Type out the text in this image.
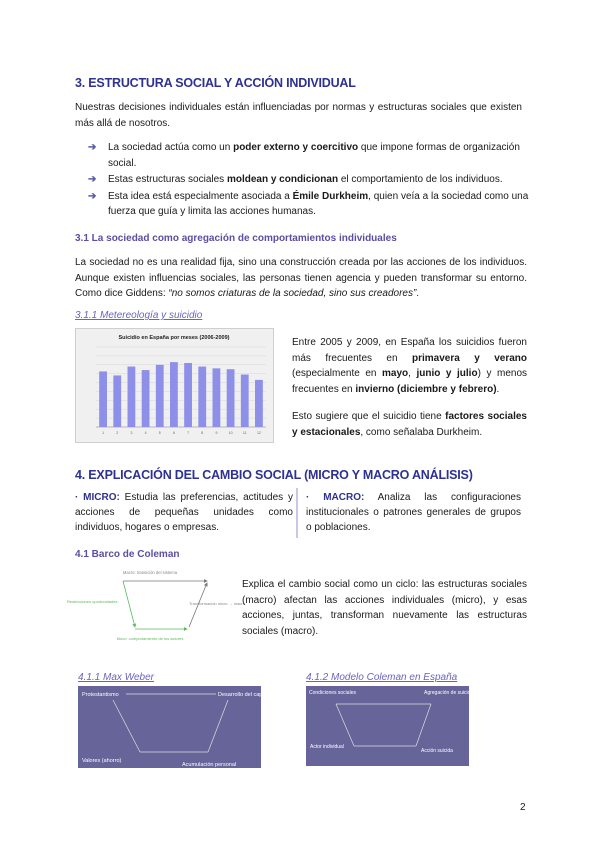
3. ESTRUCTURA SOCIAL Y ACCIÓN INDIVIDUAL
Nuestras decisiones individuales están influenciadas por normas y estructuras sociales que existen más allá de nosotros.
➔ La sociedad actúa como un poder externo y coercitivo que impone formas de organización social.
➔ Estas estructuras sociales moldean y condicionan el comportamiento de los individuos.
➔ Esta idea está especialmente asociada a Émile Durkheim, quien veía a la sociedad como una fuerza que guía y limita las acciones humanas.
3.1 La sociedad como agregación de comportamientos individuales
La sociedad no es una realidad fija, sino una construcción creada por las acciones de los individuos. Aunque existen influencias sociales, las personas tienen agencia y pueden transformar su entorno. Como dice Giddens: “no somos criaturas de la sociedad, sino sus creadores”.
3.1.1 Metereología y suicidio
Suicidio en España por meses (2006-2009)
1	2	3	4	5	6	7	8	9	10	11	12
Entre 2005 y 2009, en España los suicidios fueron más frecuentes en primavera y verano (especialmente en mayo, junio y julio) y menos frecuentes en invierno (diciembre y febrero).
Esto sugiere que el suicidio tiene factores sociales y estacionales, como señalaba Durkheim.
4. EXPLICACIÓN DEL CAMBIO SOCIAL (MICRO Y MACRO ANÁLISIS)
· MICRO: Estudia las preferencias, actitudes y acciones de pequeñas unidades como individuos, hogares o empresas.
· MACRO: Analiza las configuraciones institucionales o patrones generales de grupos o poblaciones.
4.1 Barco de Coleman
Macro: transición del sistema
Restricciones oportunidades	Transformación micro → macro
Micro: comportamiento de los actores
Explica el cambio social como un ciclo: las estructuras sociales (macro) afectan las acciones individuales (micro), y esas acciones, juntas, transforman nuevamente las estructuras sociales (macro).
4.1.1 Max Weber	4.1.2 Modelo Coleman en España
Protestantismo	Desarrollo del capitalismo
Valores (ahorro)
Acumulación personal
Condiciones sociales	Agregación de suicidios
Actor individual
Acción suicida
2
